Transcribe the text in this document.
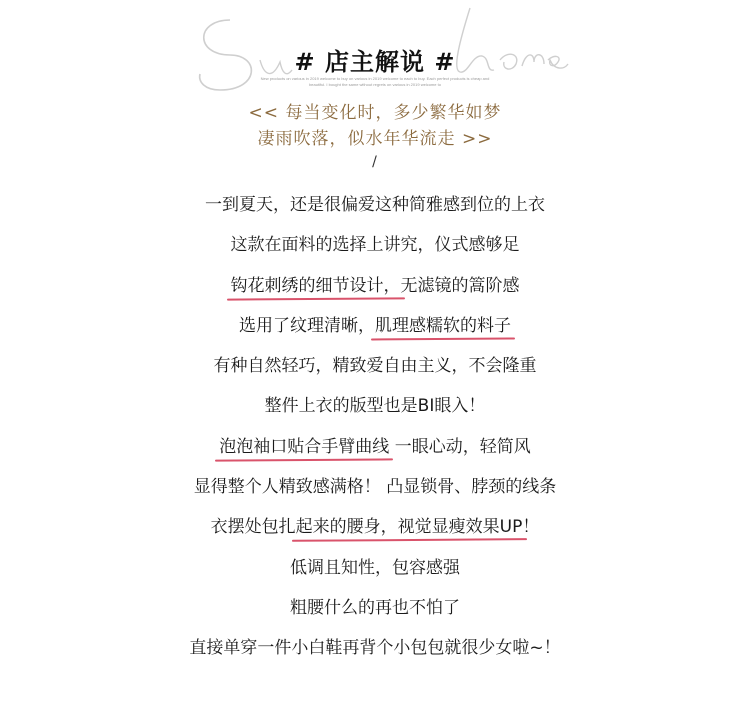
# 店主解说 #
New products on various in 2019 welcome to buy on various in 2019 welcome to each to buy. Each perfect products is cheap and beautiful. I bought the same without regrets on various in 2019 welcome to
<< 每当变化时，多少繁华如梦
凄雨吹落，似水年华流走 >>
/
一到夏天，还是很偏爱这种简雅感到位的上衣
这款在面料的选择上讲究，仪式感够足
钩花刺绣的细节设计，无滤镜的篙阶感
选用了纹理清晰，肌理感糯软的料子
有种自然轻巧，精致爱自由主义，不会隆重
整件上衣的版型也是BI眼入！
泡泡袖口贴合手臂曲线 一眼心动，轻简风
显得整个人精致感满格！ 凸显锁骨、脖颈的线条
衣摆处包扎起来的腰身，视觉显瘦效果UP！
低调且知性，包容感强
粗腰什么的再也不怕了
直接单穿一件小白鞋再背个小包包就很少女啦~！
